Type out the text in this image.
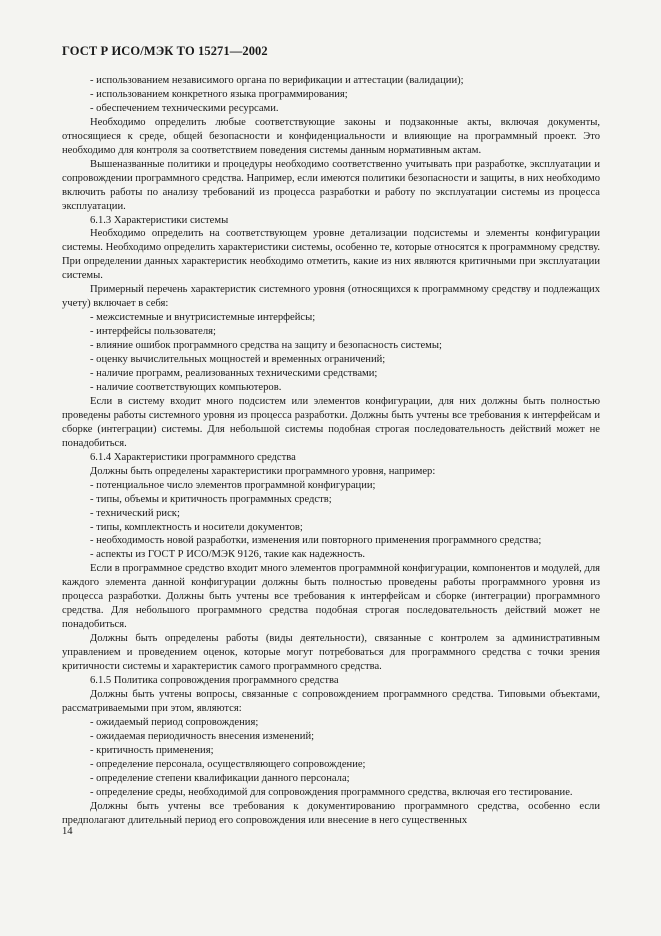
ГОСТ Р ИСО/МЭК ТО 15271—2002

- использованием независимого органа по верификации и аттестации (валидации);

- использованием конкретного языка программирования;

- обеспечением техническими ресурсами.

Необходимо определить любые соответствующие законы и подзаконные акты, включая документы, относящиеся к среде, общей безопасности и конфиденциальности и влияющие на программный проект. Это необходимо для контроля за соответствием поведения системы данным нормативным актам.

Вышеназванные политики и процедуры необходимо соответственно учитывать при разработке, эксплуатации и сопровождении программного средства. Например, если имеются политики безопасности и защиты, в них необходимо включить работы по анализу требований из процесса разработки и работу по эксплуатации системы из процесса эксплуатации.

6.1.3 Характеристики системы

Необходимо определить на соответствующем уровне детализации подсистемы и элементы конфигурации системы. Необходимо определить характеристики системы, особенно те, которые относятся к программному средству. При определении данных характеристик необходимо отметить, какие из них являются критичными при эксплуатации системы.

Примерный перечень характеристик системного уровня (относящихся к программному средству и подлежащих учету) включает в себя:

- межсистемные и внутрисистемные интерфейсы;

- интерфейсы пользователя;

- влияние ошибок программного средства на защиту и безопасность системы;

- оценку вычислительных мощностей и временных ограничений;

- наличие программ, реализованных техническими средствами;

- наличие соответствующих компьютеров.

Если в систему входит много подсистем или элементов конфигурации, для них должны быть полностью проведены работы системного уровня из процесса разработки. Должны быть учтены все требования к интерфейсам и сборке (интеграции) системы. Для небольшой системы подобная строгая последовательность действий может не понадобиться.

6.1.4 Характеристики программного средства

Должны быть определены характеристики программного уровня, например:

- потенциальное число элементов программной конфигурации;

- типы, объемы и критичность программных средств;

- технический риск;

- типы, комплектность и носители документов;

- необходимость новой разработки, изменения или повторного применения программного средства;

- аспекты из ГОСТ Р ИСО/МЭК 9126, такие как надежность.

Если в программное средство входит много элементов программной конфигурации, компонентов и модулей, для каждого элемента данной конфигурации должны быть полностью проведены работы программного уровня из процесса разработки. Должны быть учтены все требования к интерфейсам и сборке (интеграции) программного средства. Для небольшого программного средства подобная строгая последовательность действий может не понадобиться.

Должны быть определены работы (виды деятельности), связанные с контролем за административным управлением и проведением оценок, которые могут потребоваться для программного средства с точки зрения критичности системы и характеристик самого программного средства.

6.1.5 Политика сопровождения программного средства

Должны быть учтены вопросы, связанные с сопровождением программного средства. Типовыми объектами, рассматриваемыми при этом, являются:

- ожидаемый период сопровождения;

- ожидаемая периодичность внесения изменений;

- критичность применения;

- определение персонала, осуществляющего сопровождение;

- определение степени квалификации данного персонала;

- определение среды, необходимой для сопровождения программного средства, включая его тестирование.

Должны быть учтены все требования к документированию программного средства, особенно если предполагают длительный период его сопровождения или внесение в него существенных

14
